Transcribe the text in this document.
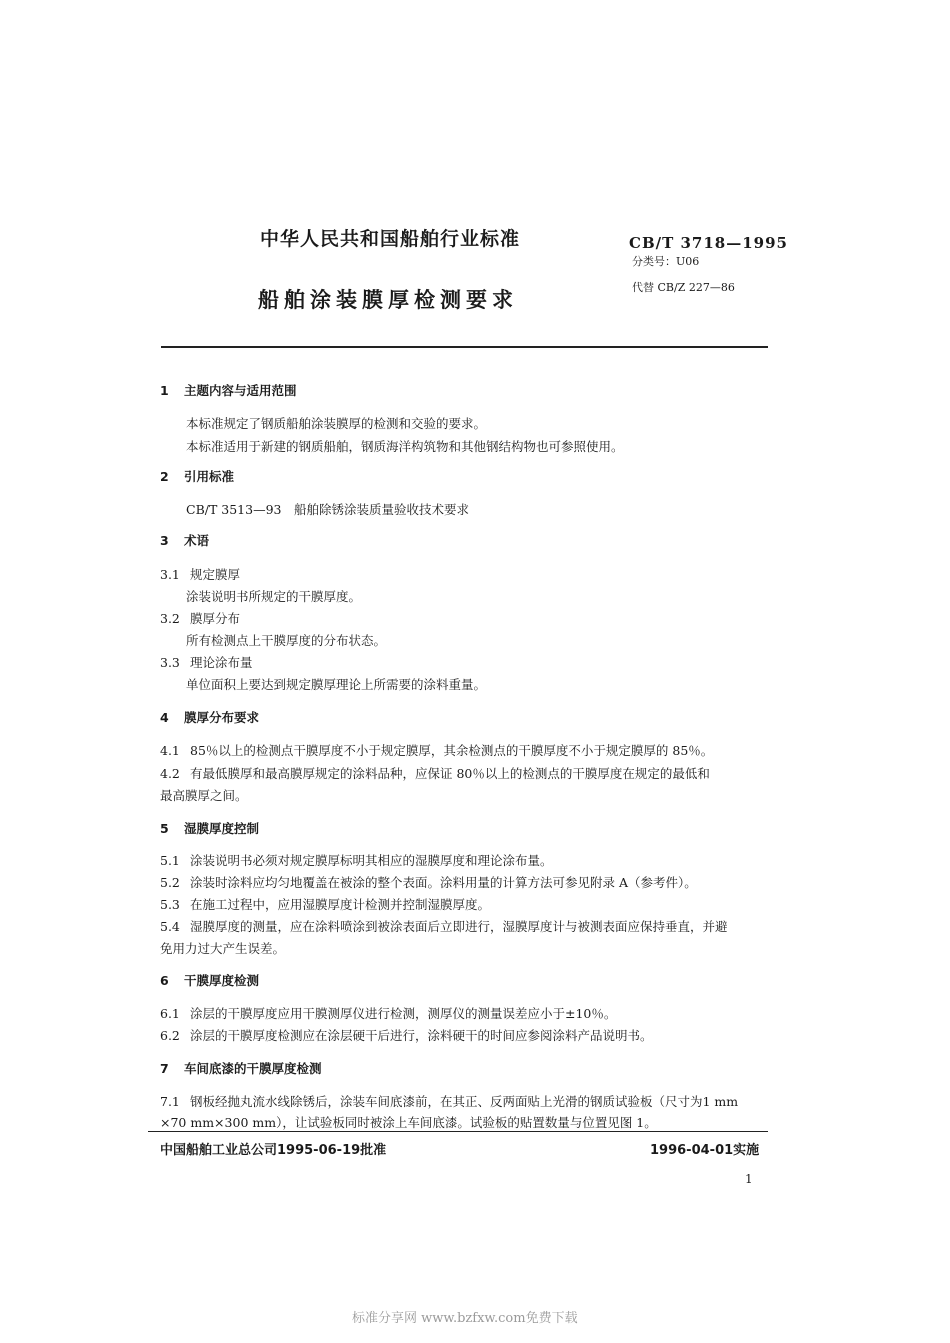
中华人民共和国船舶行业标准
船舶涂装膜厚检测要求
CB/T 3718—1995
分类号：U06
代替 CB/Z 227—86
1 主题内容与适用范围
本标准规定了钢质船舶涂装膜厚的检测和交验的要求。
本标准适用于新建的钢质船舶，钢质海洋构筑物和其他钢结构物也可参照使用。
2 引用标准
CB/T 3513—93　船舶除锈涂装质量验收技术要求
3 术语
3.1 规定膜厚
涂装说明书所规定的干膜厚度。
3.2 膜厚分布
所有检测点上干膜厚度的分布状态。
3.3 理论涂布量
单位面积上要达到规定膜厚理论上所需要的涂料重量。
4 膜厚分布要求
4.1 85％以上的检测点干膜厚度不小于规定膜厚，其余检测点的干膜厚度不小于规定膜厚的 85％。
4.2 有最低膜厚和最高膜厚规定的涂料品种，应保证 80％以上的检测点的干膜厚度在规定的最低和
最高膜厚之间。
5 湿膜厚度控制
5.1 涂装说明书必须对规定膜厚标明其相应的湿膜厚度和理论涂布量。
5.2 涂装时涂料应均匀地覆盖在被涂的整个表面。涂料用量的计算方法可参见附录 A（参考件）。
5.3 在施工过程中，应用湿膜厚度计检测并控制湿膜厚度。
5.4 湿膜厚度的测量，应在涂料喷涂到被涂表面后立即进行，湿膜厚度计与被测表面应保持垂直，并避
免用力过大产生误差。
6 干膜厚度检测
6.1 涂层的干膜厚度应用干膜测厚仪进行检测，测厚仪的测量误差应小于±10％。
6.2 涂层的干膜厚度检测应在涂层硬干后进行，涂料硬干的时间应参阅涂料产品说明书。
7 车间底漆的干膜厚度检测
7.1 钢板经抛丸流水线除锈后，涂装车间底漆前，在其正、反两面贴上光滑的钢质试验板（尺寸为1 mm
×70 mm×300 mm），让试验板同时被涂上车间底漆。试验板的贴置数量与位置见图 1。
中国船舶工业总公司1995-06-19批准	1996-04-01实施
1
标准分享网 www.bzfxw.com免费下载
